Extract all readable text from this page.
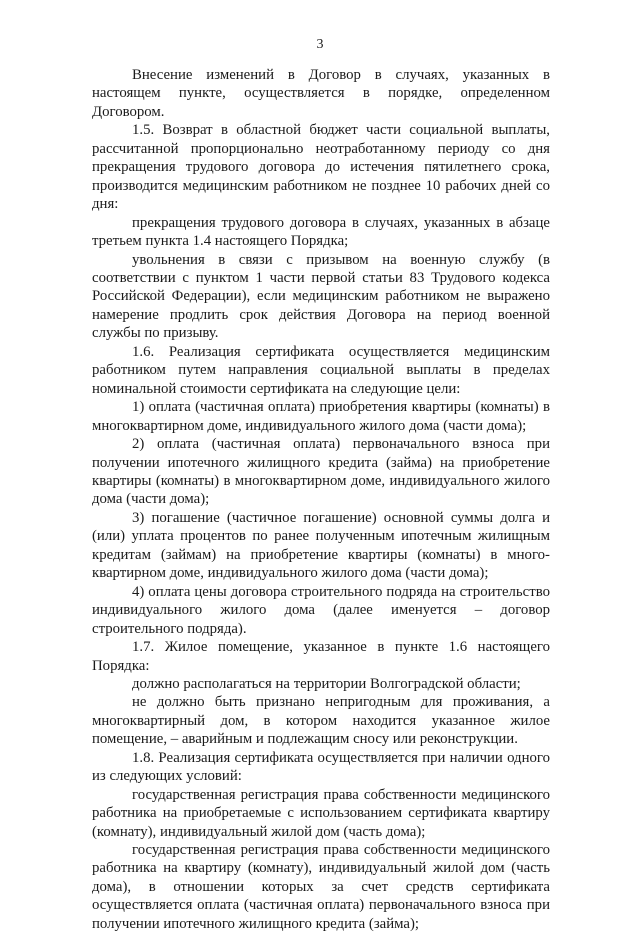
3

Внесение изменений в Договор в случаях, указанных в настоящем пункте, осуществляется в порядке, определенном Договором.

1.5. Возврат в областной бюджет части социальной выплаты, рассчитанной пропорционально неотработанному периоду со дня прекращения трудового договора до истечения пятилетнего срока, производится медицинским работником не позднее 10 рабочих дней со дня:

прекращения трудового договора в случаях, указанных в абзаце третьем пункта 1.4 настоящего Порядка;

увольнения в связи с призывом на военную службу (в соответствии с пунктом 1 части первой статьи 83 Трудового кодекса Российской Федерации), если медицинским работником не выражено намерение продлить срок действия Договора на период военной службы по призыву.

1.6. Реализация сертификата осуществляется медицинским работником путем направления социальной выплаты в пределах номинальной стоимости сертификата на следующие цели:

1) оплата (частичная оплата) приобретения квартиры (комнаты) в многоквартирном доме, индивидуального жилого дома (части дома);

2) оплата (частичная оплата) первоначального взноса при получении ипотечного жилищного кредита (займа) на приобретение квартиры (комнаты) в многоквартирном доме, индивидуального жилого дома (части дома);

3) погашение (частичное погашение) основной суммы долга и (или) уплата процентов по ранее полученным ипотечным жилищным кредитам (займам) на приобретение квартиры (комнаты) в много-квартирном доме, индивидуального жилого дома (части дома);

4) оплата цены договора строительного подряда на строительство индивидуального жилого дома (далее именуется – договор строительного подряда).

1.7. Жилое помещение, указанное в пункте 1.6 настоящего Порядка:

должно располагаться на территории Волгоградской области;

не должно быть признано непригодным для проживания, а многоквартирный дом, в котором находится указанное жилое помещение, – аварийным и подлежащим сносу или реконструкции.

1.8. Реализация сертификата осуществляется при наличии одного из следующих условий:

государственная регистрация права собственности медицинского работника на приобретаемые с использованием сертификата квартиру (комнату), индивидуальный жилой дом (часть дома);

государственная регистрация права собственности медицинского работника на квартиру (комнату), индивидуальный жилой дом (часть дома), в отношении которых за счет средств сертификата осуществляется оплата (частичная оплата) первоначального взноса при получении ипотечного жилищного кредита (займа);
